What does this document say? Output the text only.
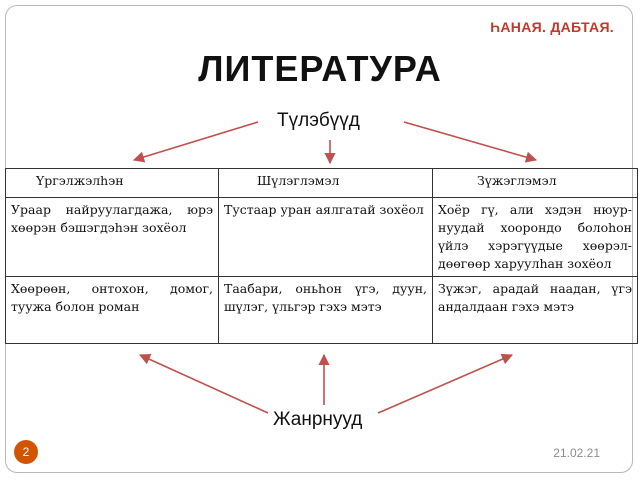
ҺАНАЯ. ДАБТАЯ.
ЛИТЕРАТУРА
Түлэбүүд
Үргэлжэлһэн	Шүлэглэмэл	Зүжэглэмэл
Ураар найруулагдажа, юрэ хөөрэн бэшэгдэһэн зохёол	Тустаар уран аялгатай зохёол	Хоёр гү, али хэдэн нюур-нуудай хоорондо болоһон үйлэ хэрэгүүдые хөөрэл-дөөгөөр харуулһан зохёол
Хөөрөөн, онтохон, домог, туужа болон роман	Таабари, оньһон үгэ, дуун, шүлэг, үльгэр гэхэ мэтэ	Зүжэг, арадай наадан, үгэ андалдаан гэхэ мэтэ
Жанрнууд
2	21.02.21
